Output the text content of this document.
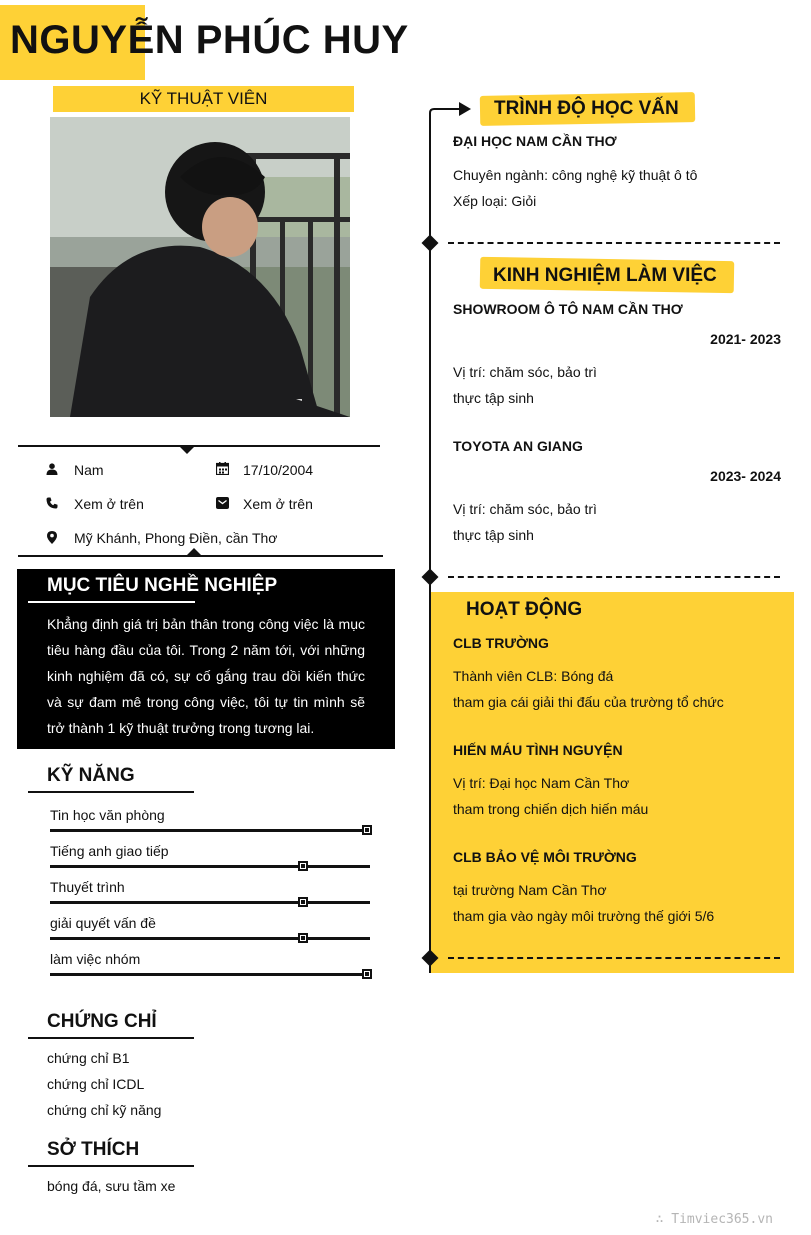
NGUYỄN PHÚC HUY
KỸ THUẬT VIÊN
Nam	17/10/2004
Xem ở trên	Xem ở trên
Mỹ Khánh, Phong Điền, cần Thơ
MỤC TIÊU NGHỀ NGHIỆP
Khẳng định giá trị bản thân trong công việc là mục tiêu hàng đầu của tôi. Trong 2 năm tới, với những kinh nghiệm đã có, sự cố gắng trau dồi kiến thức và sự đam mê trong công việc, tôi tự tin mình sẽ trở thành 1 kỹ thuật trưởng trong tương lai.
KỸ NĂNG
Tin học văn phòng
Tiếng anh giao tiếp
Thuyết trình
giải quyết vấn đề
làm việc nhóm
CHỨNG CHỈ
chứng chỉ B1
chứng chỉ ICDL
chứng chỉ kỹ năng
SỞ THÍCH
bóng đá, sưu tầm xe
TRÌNH ĐỘ HỌC VẤN
ĐẠI HỌC NAM CẦN THƠ
Chuyên ngành: công nghệ kỹ thuật ô tô
Xếp loại: Giỏi
KINH NGHIỆM LÀM VIỆC
SHOWROOM Ô TÔ NAM CẦN THƠ
2021- 2023
Vị trí: chăm sóc, bảo trì
thực tập sinh
TOYOTA AN GIANG
2023- 2024
Vị trí: chăm sóc, bảo trì
thực tập sinh
HOẠT ĐỘNG
CLB TRƯỜNG
Thành viên CLB: Bóng đá
tham gia cái giải thi đấu của trường tổ chức
HIẾN MÁU TÌNH NGUYỆN
Vị trí: Đại học Nam Cần Thơ
tham trong chiến dịch hiến máu
CLB BẢO VỆ MÔI TRƯỜNG
tại trường Nam Cần Thơ
tham gia vào ngày môi trường thế giới 5/6
∴ Timviec365.vn
